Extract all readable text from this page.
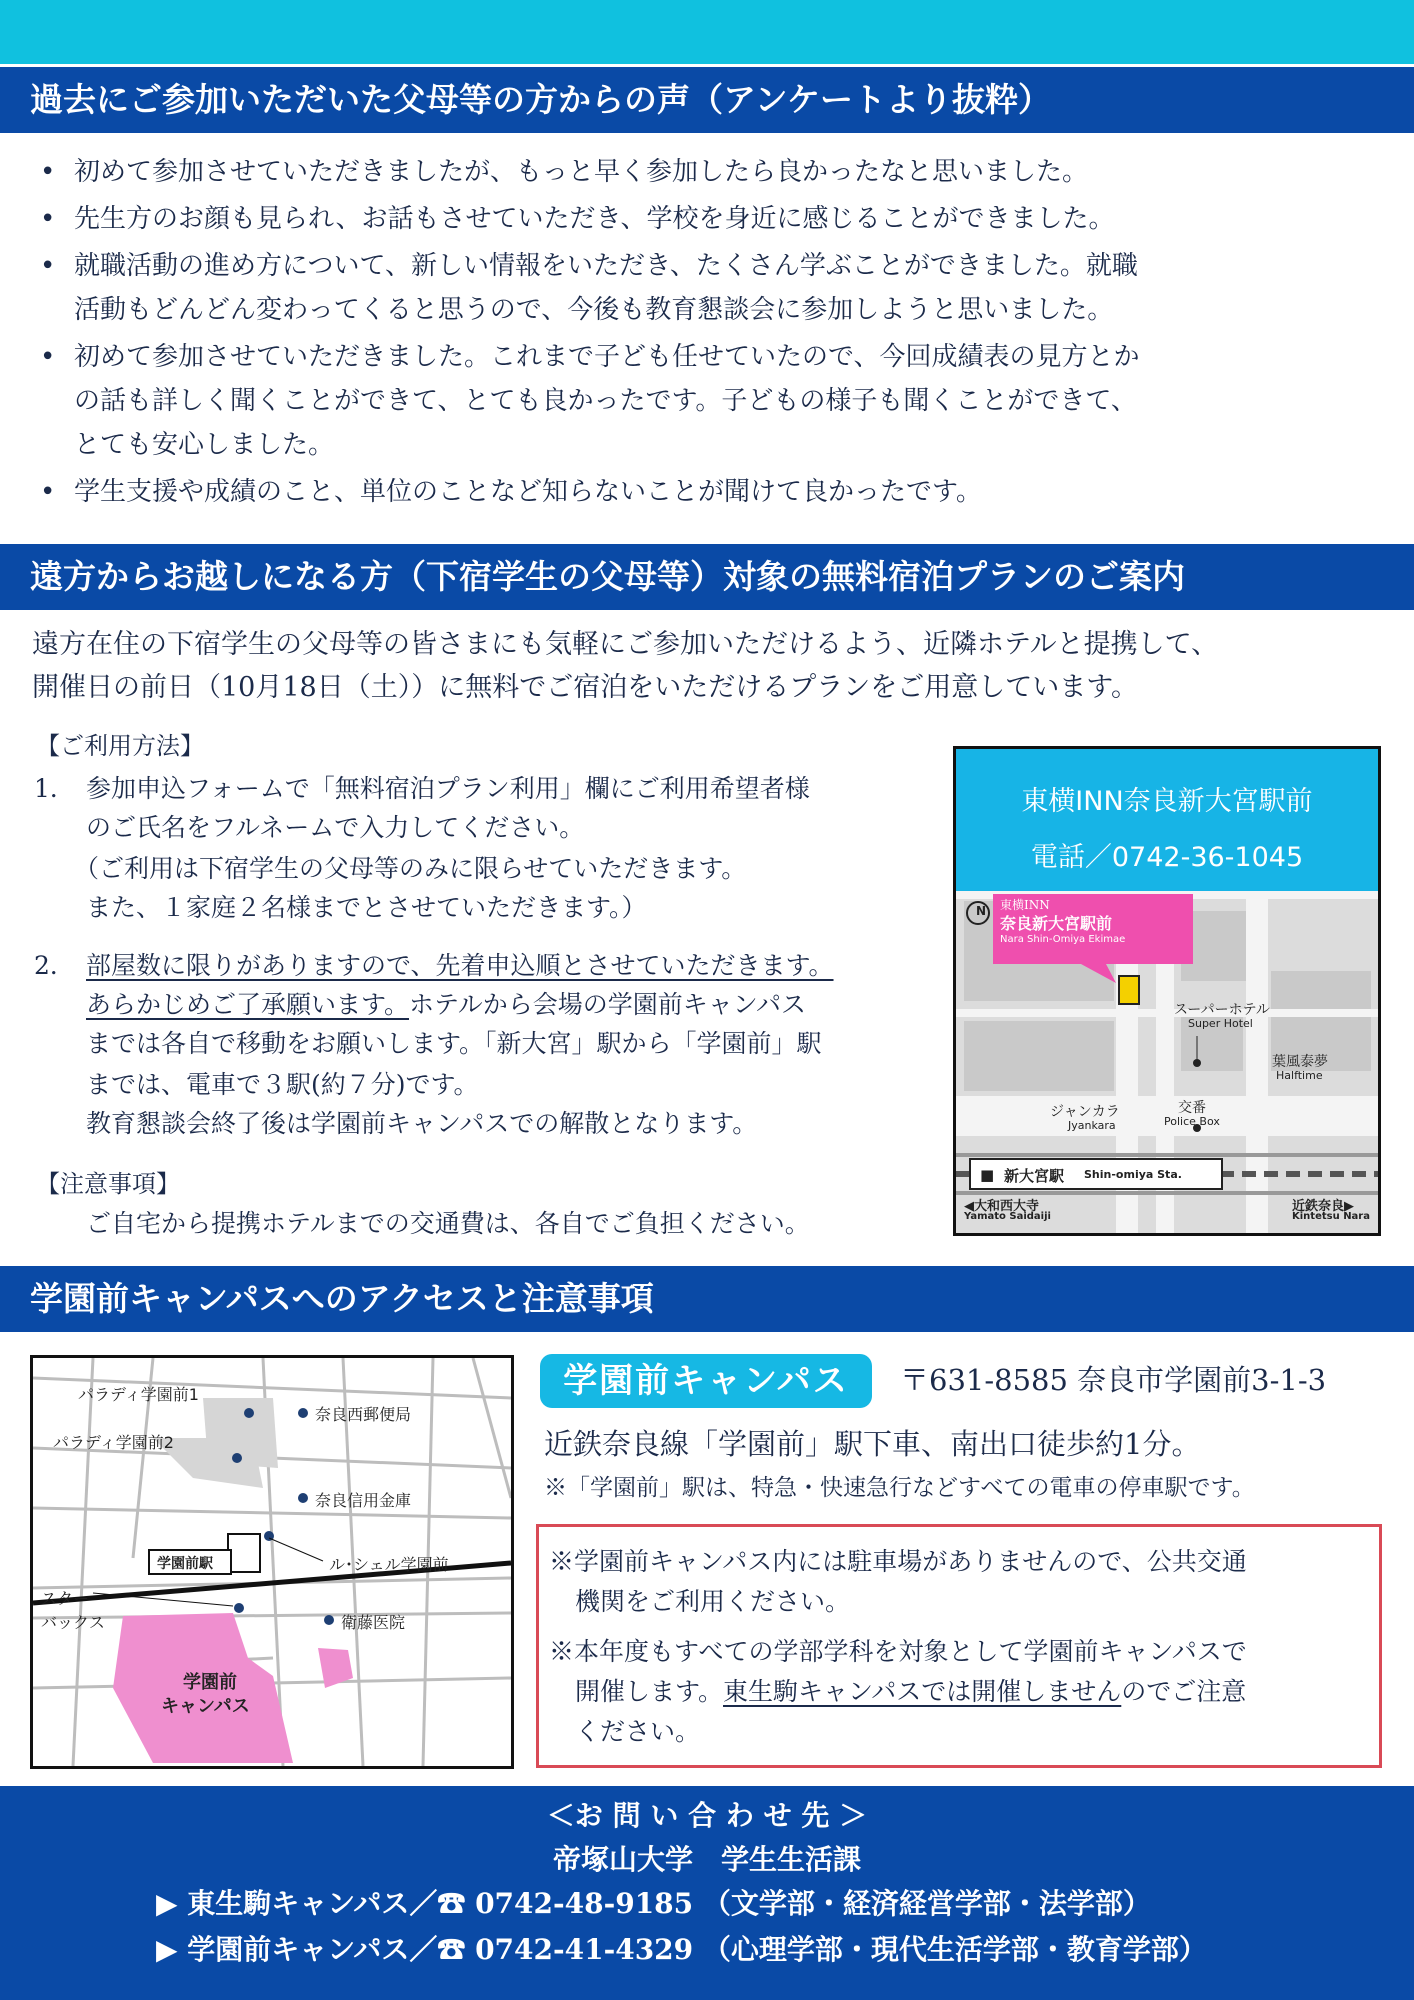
過去にご参加いただいた父母等の方からの声（アンケートより抜粋）
• 初めて参加させていただきましたが、もっと早く参加したら良かったなと思いました。
• 先生方のお顔も見られ、お話もさせていただき、学校を身近に感じることができました。
• 就職活動の進め方について、新しい情報をいただき、たくさん学ぶことができました。就職
活動もどんどん変わってくると思うので、今後も教育懇談会に参加しようと思いました。
• 初めて参加させていただきました。これまで子ども任せていたので、今回成績表の見方とか
の話も詳しく聞くことができて、とても良かったです。子どもの様子も聞くことができて、
とても安心しました。
• 学生支援や成績のこと、単位のことなど知らないことが聞けて良かったです。
遠方からお越しになる方（下宿学生の父母等）対象の無料宿泊プランのご案内
遠方在住の下宿学生の父母等の皆さまにも気軽にご参加いただけるよう、近隣ホテルと提携して、
開催日の前日（10月18日（土））に無料でご宿泊をいただけるプランをご用意しています。
【ご利用方法】
1． 参加申込フォームで「無料宿泊プラン利用」欄にご利用希望者様
のご氏名をフルネームで入力してください。
（ご利用は下宿学生の父母等のみに限らせていただきます。
また、１家庭２名様までとさせていただきます。）
2． 部屋数に限りがありますので、先着申込順とさせていただきます。
あらかじめご了承願います。ホテルから会場の学園前キャンパス
までは各自で移動をお願いします。「新大宮」駅から「学園前」駅
までは、電車で３駅(約７分)です。
教育懇談会終了後は学園前キャンパスでの解散となります。
【注意事項】
ご自宅から提携ホテルまでの交通費は、各自でご負担ください。
東横INN奈良新大宮駅前
電話／0742-36-1045
N 東横INN
奈良新大宮駅前
Nara Shin-Omiya Ekimae
スーパーホテル
Super Hotel
葉風泰夢
Halftime
ジャンカラ
Jyankara
交番
Police Box
■ 新大宮駅 Shin-omiya Sta.
◀大和西大寺
Yamato Saidaiji
近鉄奈良▶
Kintetsu Nara
学園前キャンパスへのアクセスと注意事項
パラディ学園前1
パラディ学園前2
奈良西郵便局
奈良信用金庫
学園前駅	ル･シェル学園前
スター
バックス	衛藤医院
学園前
キャンパス
学園前キャンパス	〒631-8585 奈良市学園前3-1-3
近鉄奈良線「学園前」駅下車、南出口徒歩約1分。
※「学園前」駅は、特急・快速急行などすべての電車の停車駅です。
※学園前キャンパス内には駐車場がありませんので、公共交通
機関をご利用ください。
※本年度もすべての学部学科を対象として学園前キャンパスで
開催します。東生駒キャンパスでは開催しませんのでご注意
ください。
＜お 問 い 合 わ せ 先 ＞
帝塚山大学　学生生活課
▶ 東生駒キャンパス／☎ 0742-48-9185 （文学部・経済経営学部・法学部）
▶ 学園前キャンパス／☎ 0742-41-4329 （心理学部・現代生活学部・教育学部）
